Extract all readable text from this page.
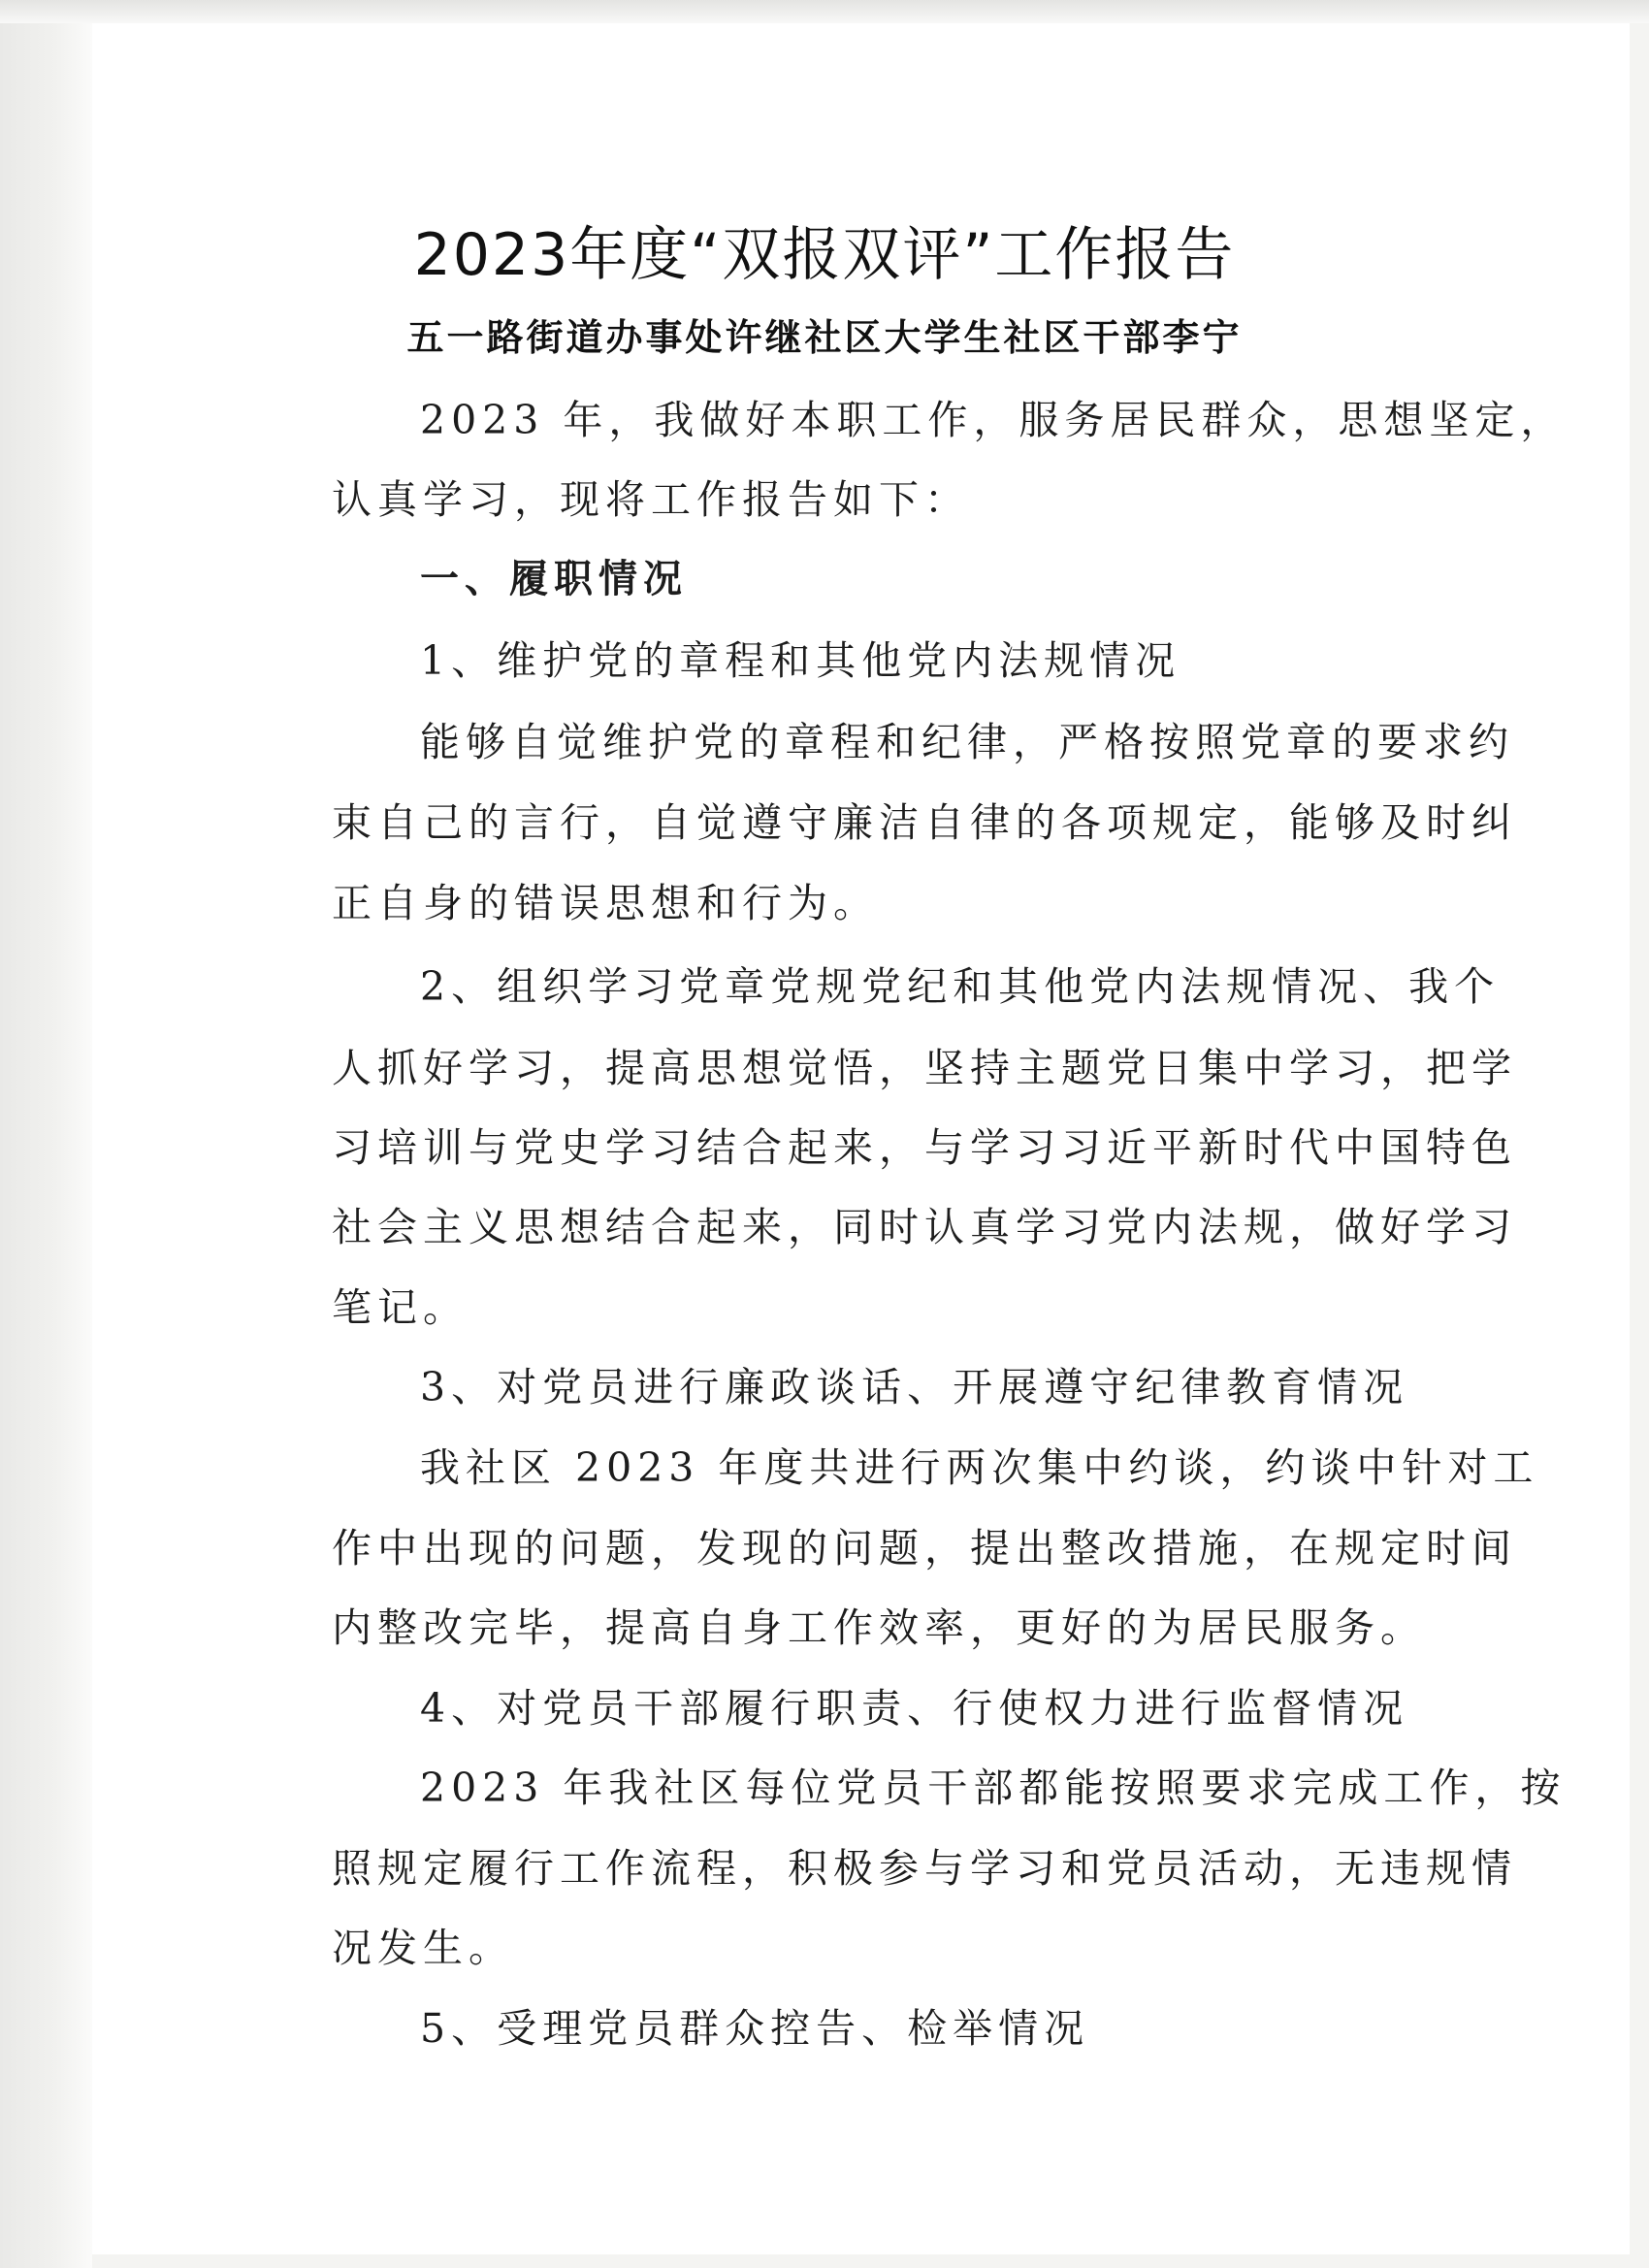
2023年度“双报双评”工作报告
五一路街道办事处许继社区大学生社区干部李宁
2023 年，我做好本职工作，服务居民群众，思想坚定，
认真学习，现将工作报告如下：
一、履职情况
1、维护党的章程和其他党内法规情况
能够自觉维护党的章程和纪律，严格按照党章的要求约
束自己的言行，自觉遵守廉洁自律的各项规定，能够及时纠
正自身的错误思想和行为。
2、组织学习党章党规党纪和其他党内法规情况、我个
人抓好学习，提高思想觉悟，坚持主题党日集中学习，把学
习培训与党史学习结合起来，与学习习近平新时代中国特色
社会主义思想结合起来，同时认真学习党内法规，做好学习
笔记。
3、对党员进行廉政谈话、开展遵守纪律教育情况
我社区 2023 年度共进行两次集中约谈，约谈中针对工
作中出现的问题，发现的问题，提出整改措施，在规定时间
内整改完毕，提高自身工作效率，更好的为居民服务。
4、对党员干部履行职责、行使权力进行监督情况
2023 年我社区每位党员干部都能按照要求完成工作，按
照规定履行工作流程，积极参与学习和党员活动，无违规情
况发生。
5、受理党员群众控告、检举情况
